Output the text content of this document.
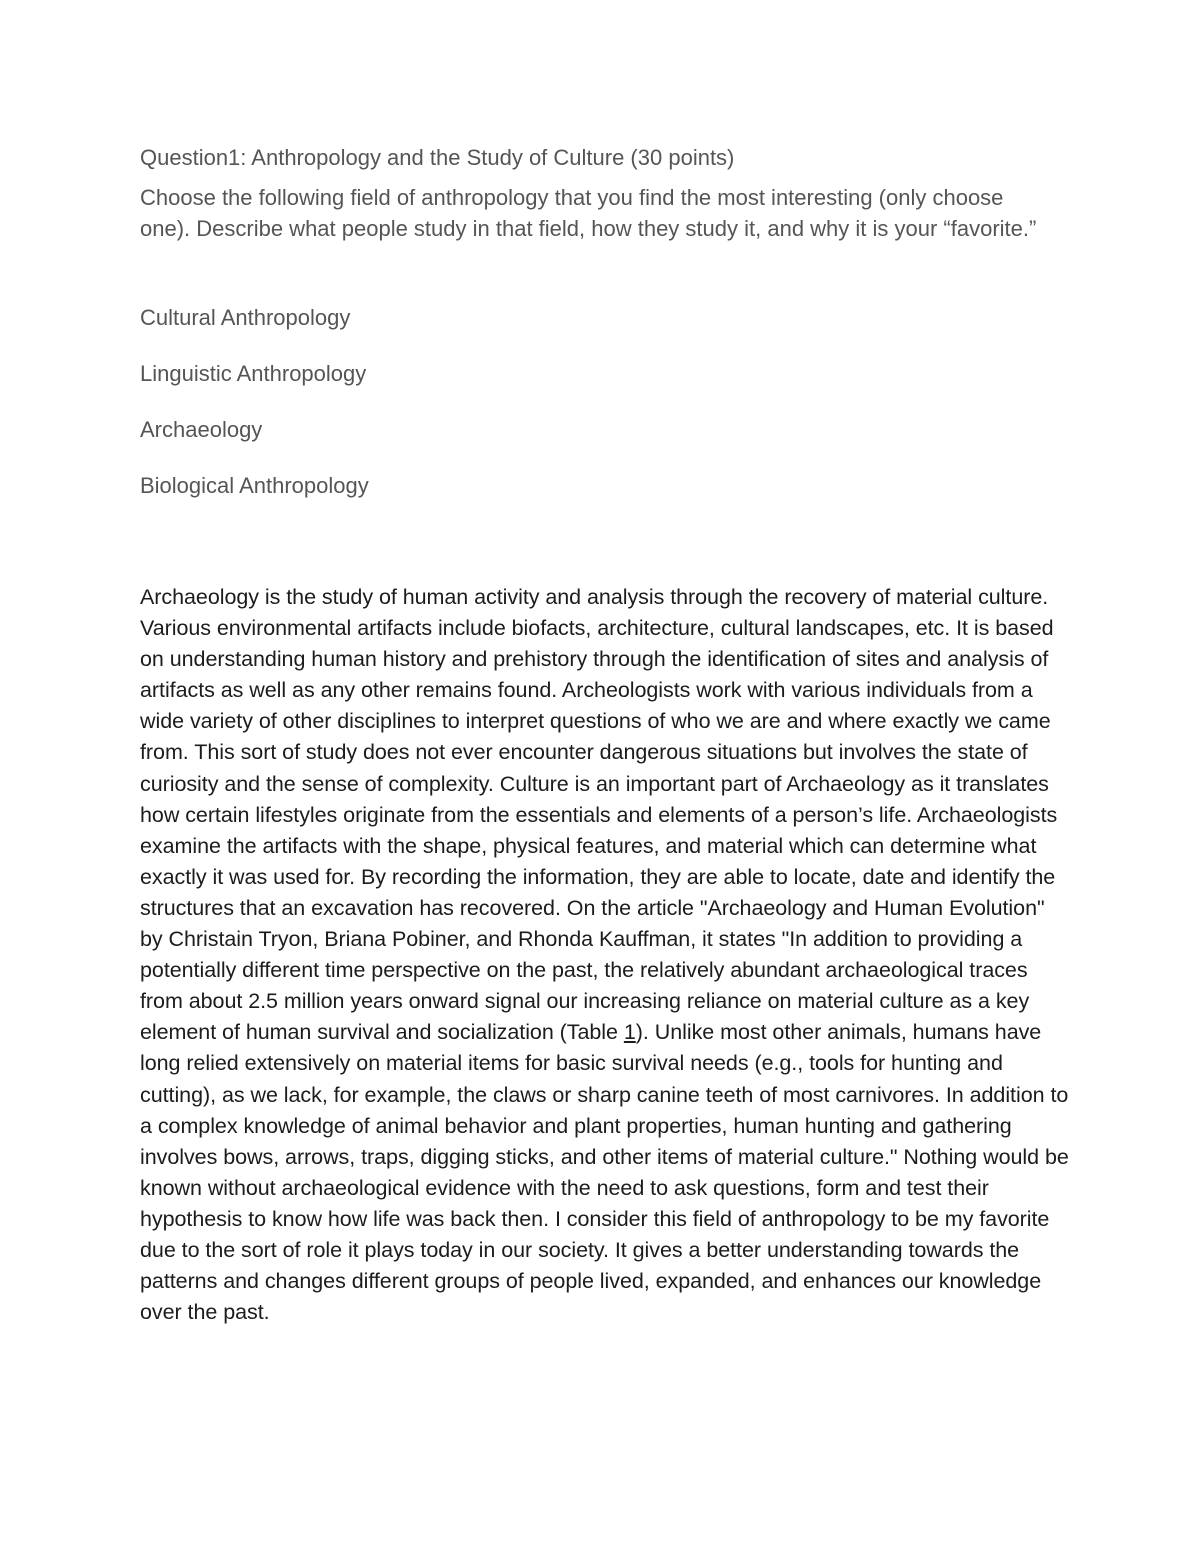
Question1: Anthropology and the Study of Culture (30 points)

Choose the following field of anthropology that you find the most interesting (only choose one). Describe what people study in that field, how they study it, and why it is your “favorite.”

Cultural Anthropology
Linguistic Anthropology
Archaeology
Biological Anthropology

Archaeology is the study of human activity and analysis through the recovery of material culture. Various environmental artifacts include biofacts, architecture, cultural landscapes, etc. It is based on understanding human history and prehistory through the identification of sites and analysis of artifacts as well as any other remains found. Archeologists work with various individuals from a wide variety of other disciplines to interpret questions of who we are and where exactly we came from. This sort of study does not ever encounter dangerous situations but involves the state of curiosity and the sense of complexity. Culture is an important part of Archaeology as it translates how certain lifestyles originate from the essentials and elements of a person’s life. Archaeologists examine the artifacts with the shape, physical features, and material which can determine what exactly it was used for. By recording the information, they are able to locate, date and identify the structures that an excavation has recovered. On the article "Archaeology and Human Evolution" by Christain Tryon, Briana Pobiner, and Rhonda Kauffman, it states "In addition to providing a potentially different time perspective on the past, the relatively abundant archaeological traces from about 2.5 million years onward signal our increasing reliance on material culture as a key element of human survival and socialization (Table 1). Unlike most other animals, humans have long relied extensively on material items for basic survival needs (e.g., tools for hunting and cutting), as we lack, for example, the claws or sharp canine teeth of most carnivores. In addition to a complex knowledge of animal behavior and plant properties, human hunting and gathering involves bows, arrows, traps, digging sticks, and other items of material culture." Nothing would be known without archaeological evidence with the need to ask questions, form and test their hypothesis to know how life was back then. I consider this field of anthropology to be my favorite due to the sort of role it plays today in our society. It gives a better understanding towards the patterns and changes different groups of people lived, expanded, and enhances our knowledge over the past.
